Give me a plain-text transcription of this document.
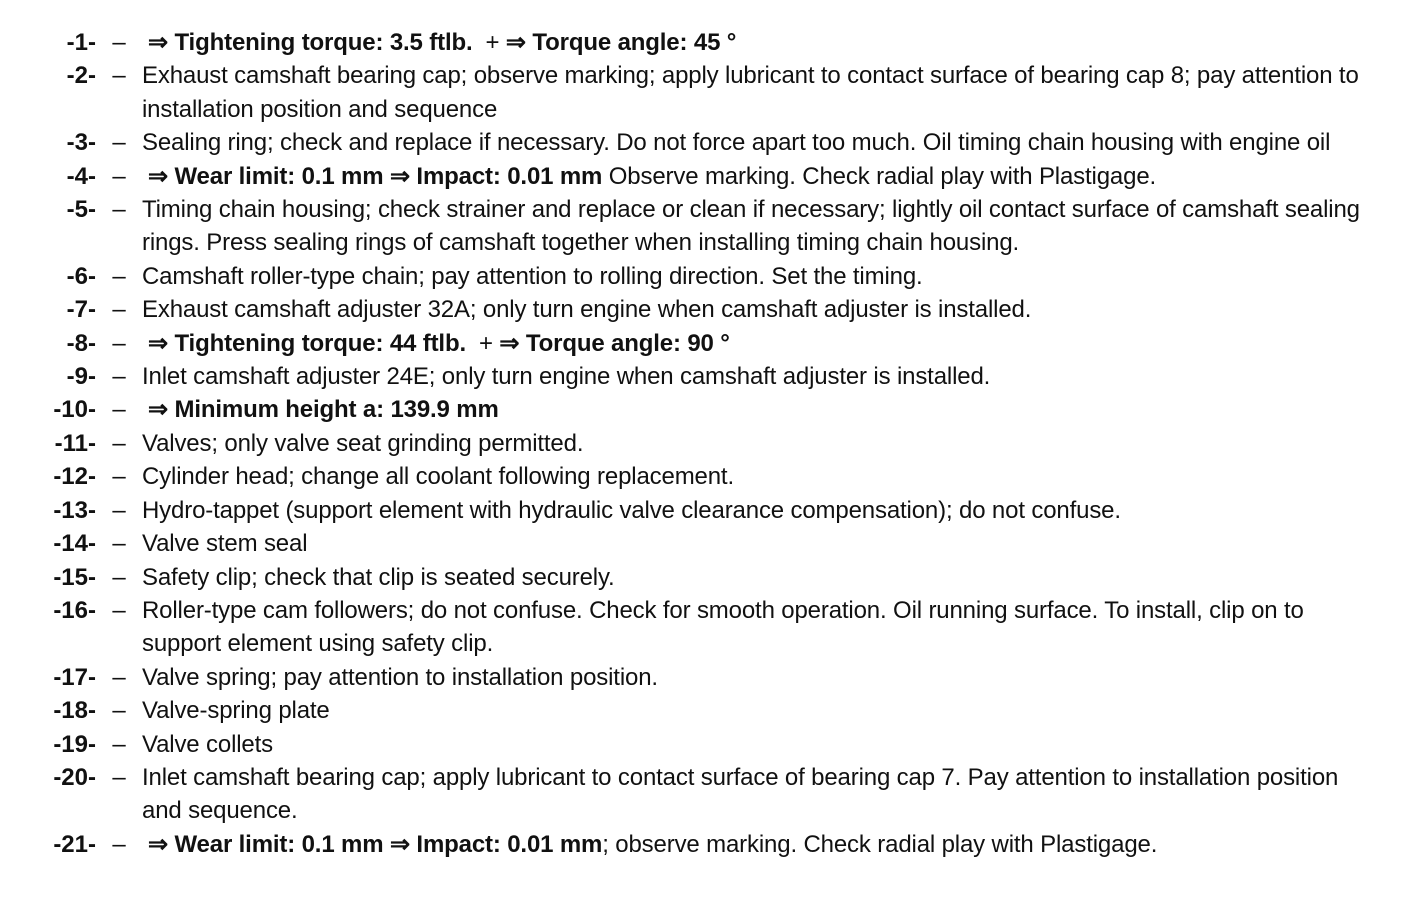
-1- – ⇒ Tightening torque: 3.5 ftlb.  + ⇒ Torque angle: 45 °
-2- – Exhaust camshaft bearing cap; observe marking; apply lubricant to contact surface of bearing cap 8; pay attention to installation position and sequence
-3- – Sealing ring; check and replace if necessary. Do not force apart too much. Oil timing chain housing with engine oil
-4- – ⇒ Wear limit: 0.1 mm ⇒ Impact: 0.01 mm Observe marking. Check radial play with Plastigage.
-5- – Timing chain housing; check strainer and replace or clean if necessary; lightly oil contact surface of camshaft sealing rings. Press sealing rings of camshaft together when installing timing chain housing.
-6- – Camshaft roller-type chain; pay attention to rolling direction. Set the timing.
-7- – Exhaust camshaft adjuster 32A; only turn engine when camshaft adjuster is installed.
-8- – ⇒ Tightening torque: 44 ftlb.  + ⇒ Torque angle: 90 °
-9- – Inlet camshaft adjuster 24E; only turn engine when camshaft adjuster is installed.
-10- – ⇒ Minimum height a: 139.9 mm
-11- – Valves; only valve seat grinding permitted.
-12- – Cylinder head; change all coolant following replacement.
-13- – Hydro-tappet (support element with hydraulic valve clearance compensation); do not confuse.
-14- – Valve stem seal
-15- – Safety clip; check that clip is seated securely.
-16- – Roller-type cam followers; do not confuse. Check for smooth operation. Oil running surface. To install, clip on to support element using safety clip.
-17- – Valve spring; pay attention to installation position.
-18- – Valve-spring plate
-19- – Valve collets
-20- – Inlet camshaft bearing cap; apply lubricant to contact surface of bearing cap 7. Pay attention to installation position and sequence.
-21- – ⇒ Wear limit: 0.1 mm ⇒ Impact: 0.01 mm; observe marking. Check radial play with Plastigage.
